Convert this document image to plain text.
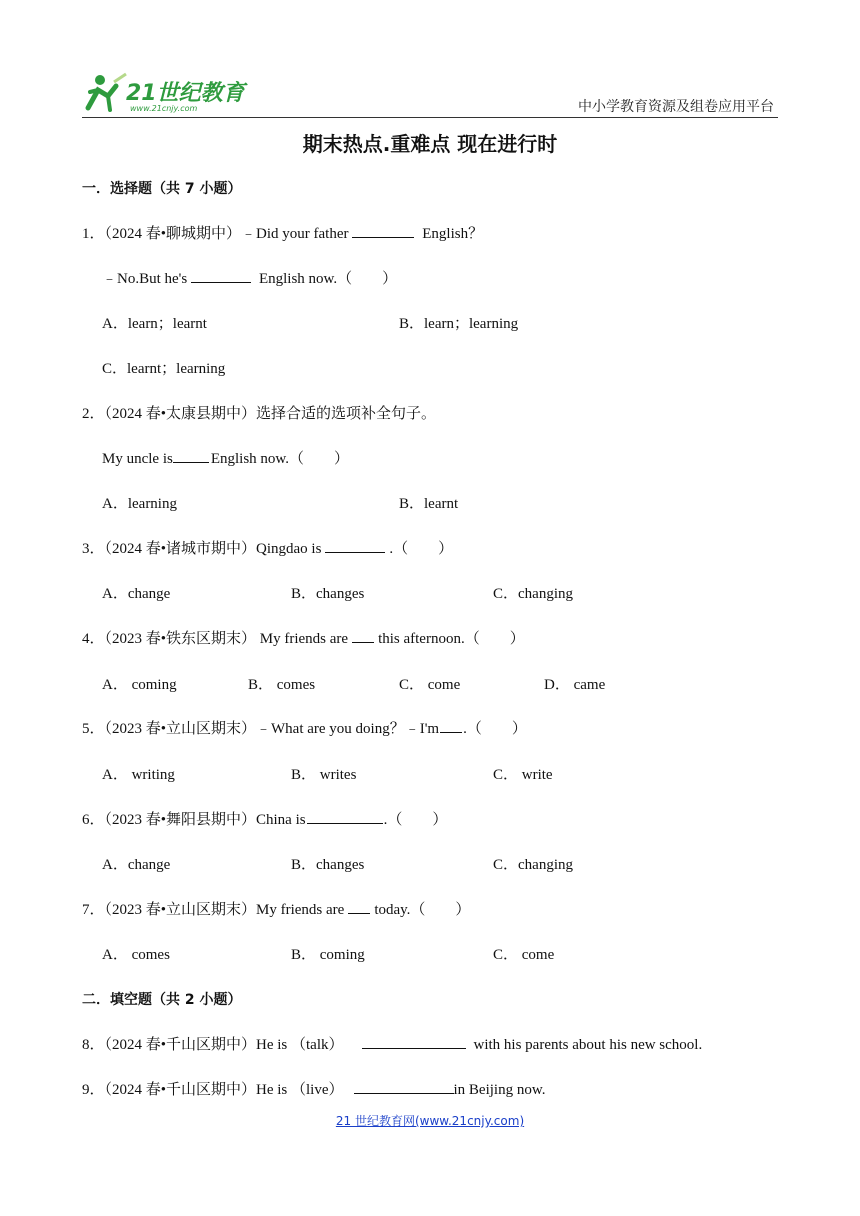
21世纪教育
www.21cnjy.com	中小学教育资源及组卷应用平台
期末热点.重难点 现在进行时
一．选择题（共 7 小题）
1．（2024 春•聊城期中）﹣Did your father	English？
﹣No.But he's	English now.（　　）
A．learn；learnt	B．learn；learning
C．learnt；learning
2．（2024 春•太康县期中）选择合适的选项补全句子。
My uncle is	English now.（　　）
A．learning	B．learnt
3．（2024 春•诸城市期中）Qingdao is	.（　　）
A．change	B．changes	C．changing
4．（2023 春•铁东区期末） My friends are this afternoon.（　　）
A． coming	B． comes	C． come	D． came
5．（2023 春•立山区期末）﹣What are you doing？﹣I'm .（　　）
A． writing	B． writes	C． write
6．（2023 春•舞阳县期中）China is	.（　　）
A．change	B．changes	C．changing
7．（2023 春•立山区期末）My friends are today.（　　）
A． comes	B． coming	C． come
二．填空题（共 2 小题）
8．（2024 春•千山区期中）He is （talk）	with his parents about his new school.
9．（2024 春•千山区期中）He is （live）	in Beijing now.
21 世纪教育网(www.21cnjy.com)
